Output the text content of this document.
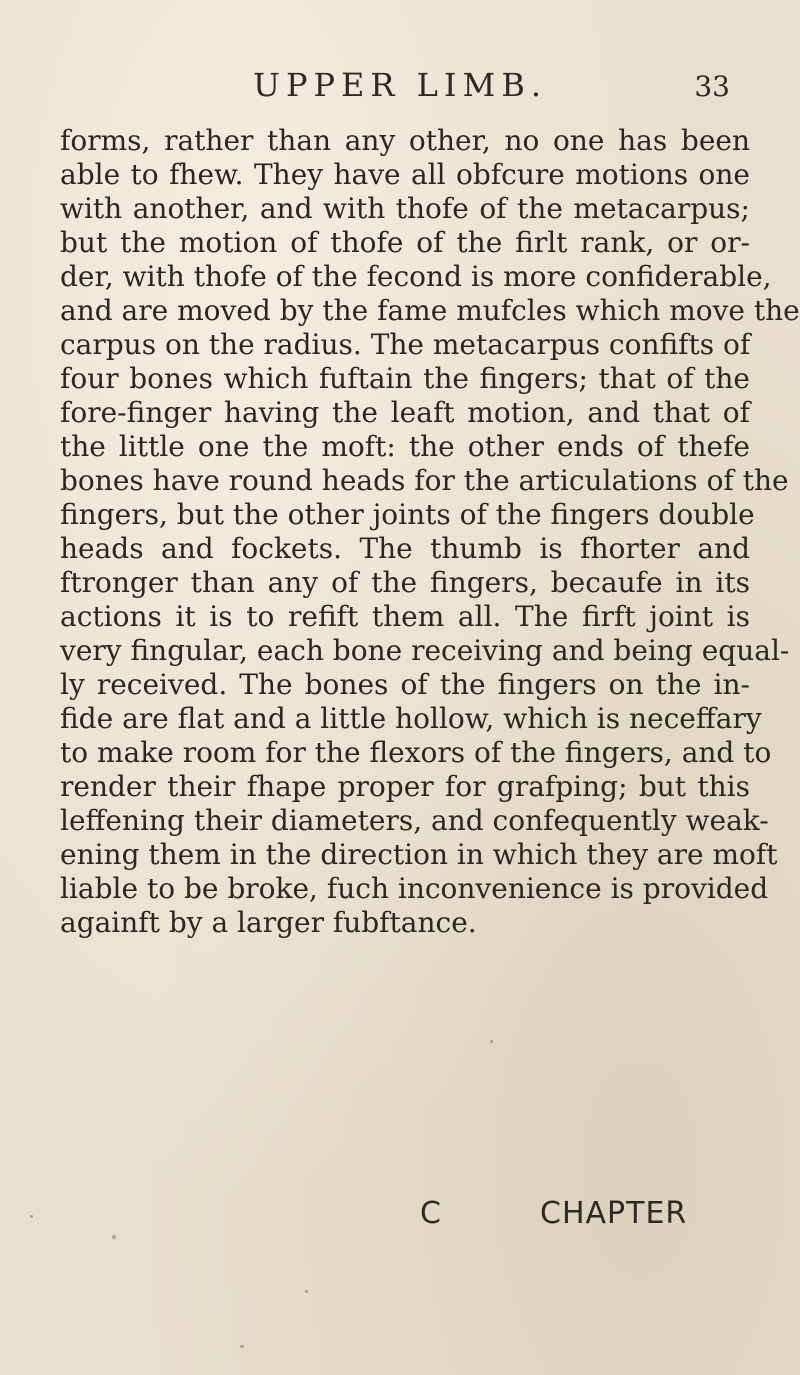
UPPER LIMB.	33
forms, rather than any other, no one has been
able to fhew. They have all obfcure motions one
with another, and with thofe of the metacarpus;
but the motion of thofe of the firlt rank, or or-
der, with thofe of the fecond is more confiderable,
and are moved by the fame mufcles which move the
carpus on the radius. The metacarpus confifts of
four bones which fuftain the fingers; that of the
fore-finger having the leaft motion, and that of
the little one the moft: the other ends of thefe
bones have round heads for the articulations of the
fingers, but the other joints of the fingers double
heads and fockets. The thumb is fhorter and
ftronger than any of the fingers, becaufe in its
actions it is to refift them all. The firft joint is
very fingular, each bone receiving and being equal-
ly received. The bones of the fingers on the in-
fide are flat and a little hollow, which is neceffary
to make room for the flexors of the fingers, and to
render their fhape proper for grafping; but this
leffening their diameters, and confequently weak-
ening them in the direction in which they are moft
liable to be broke, fuch inconvenience is provided
againft by a larger fubftance.
C	CHAPTER
